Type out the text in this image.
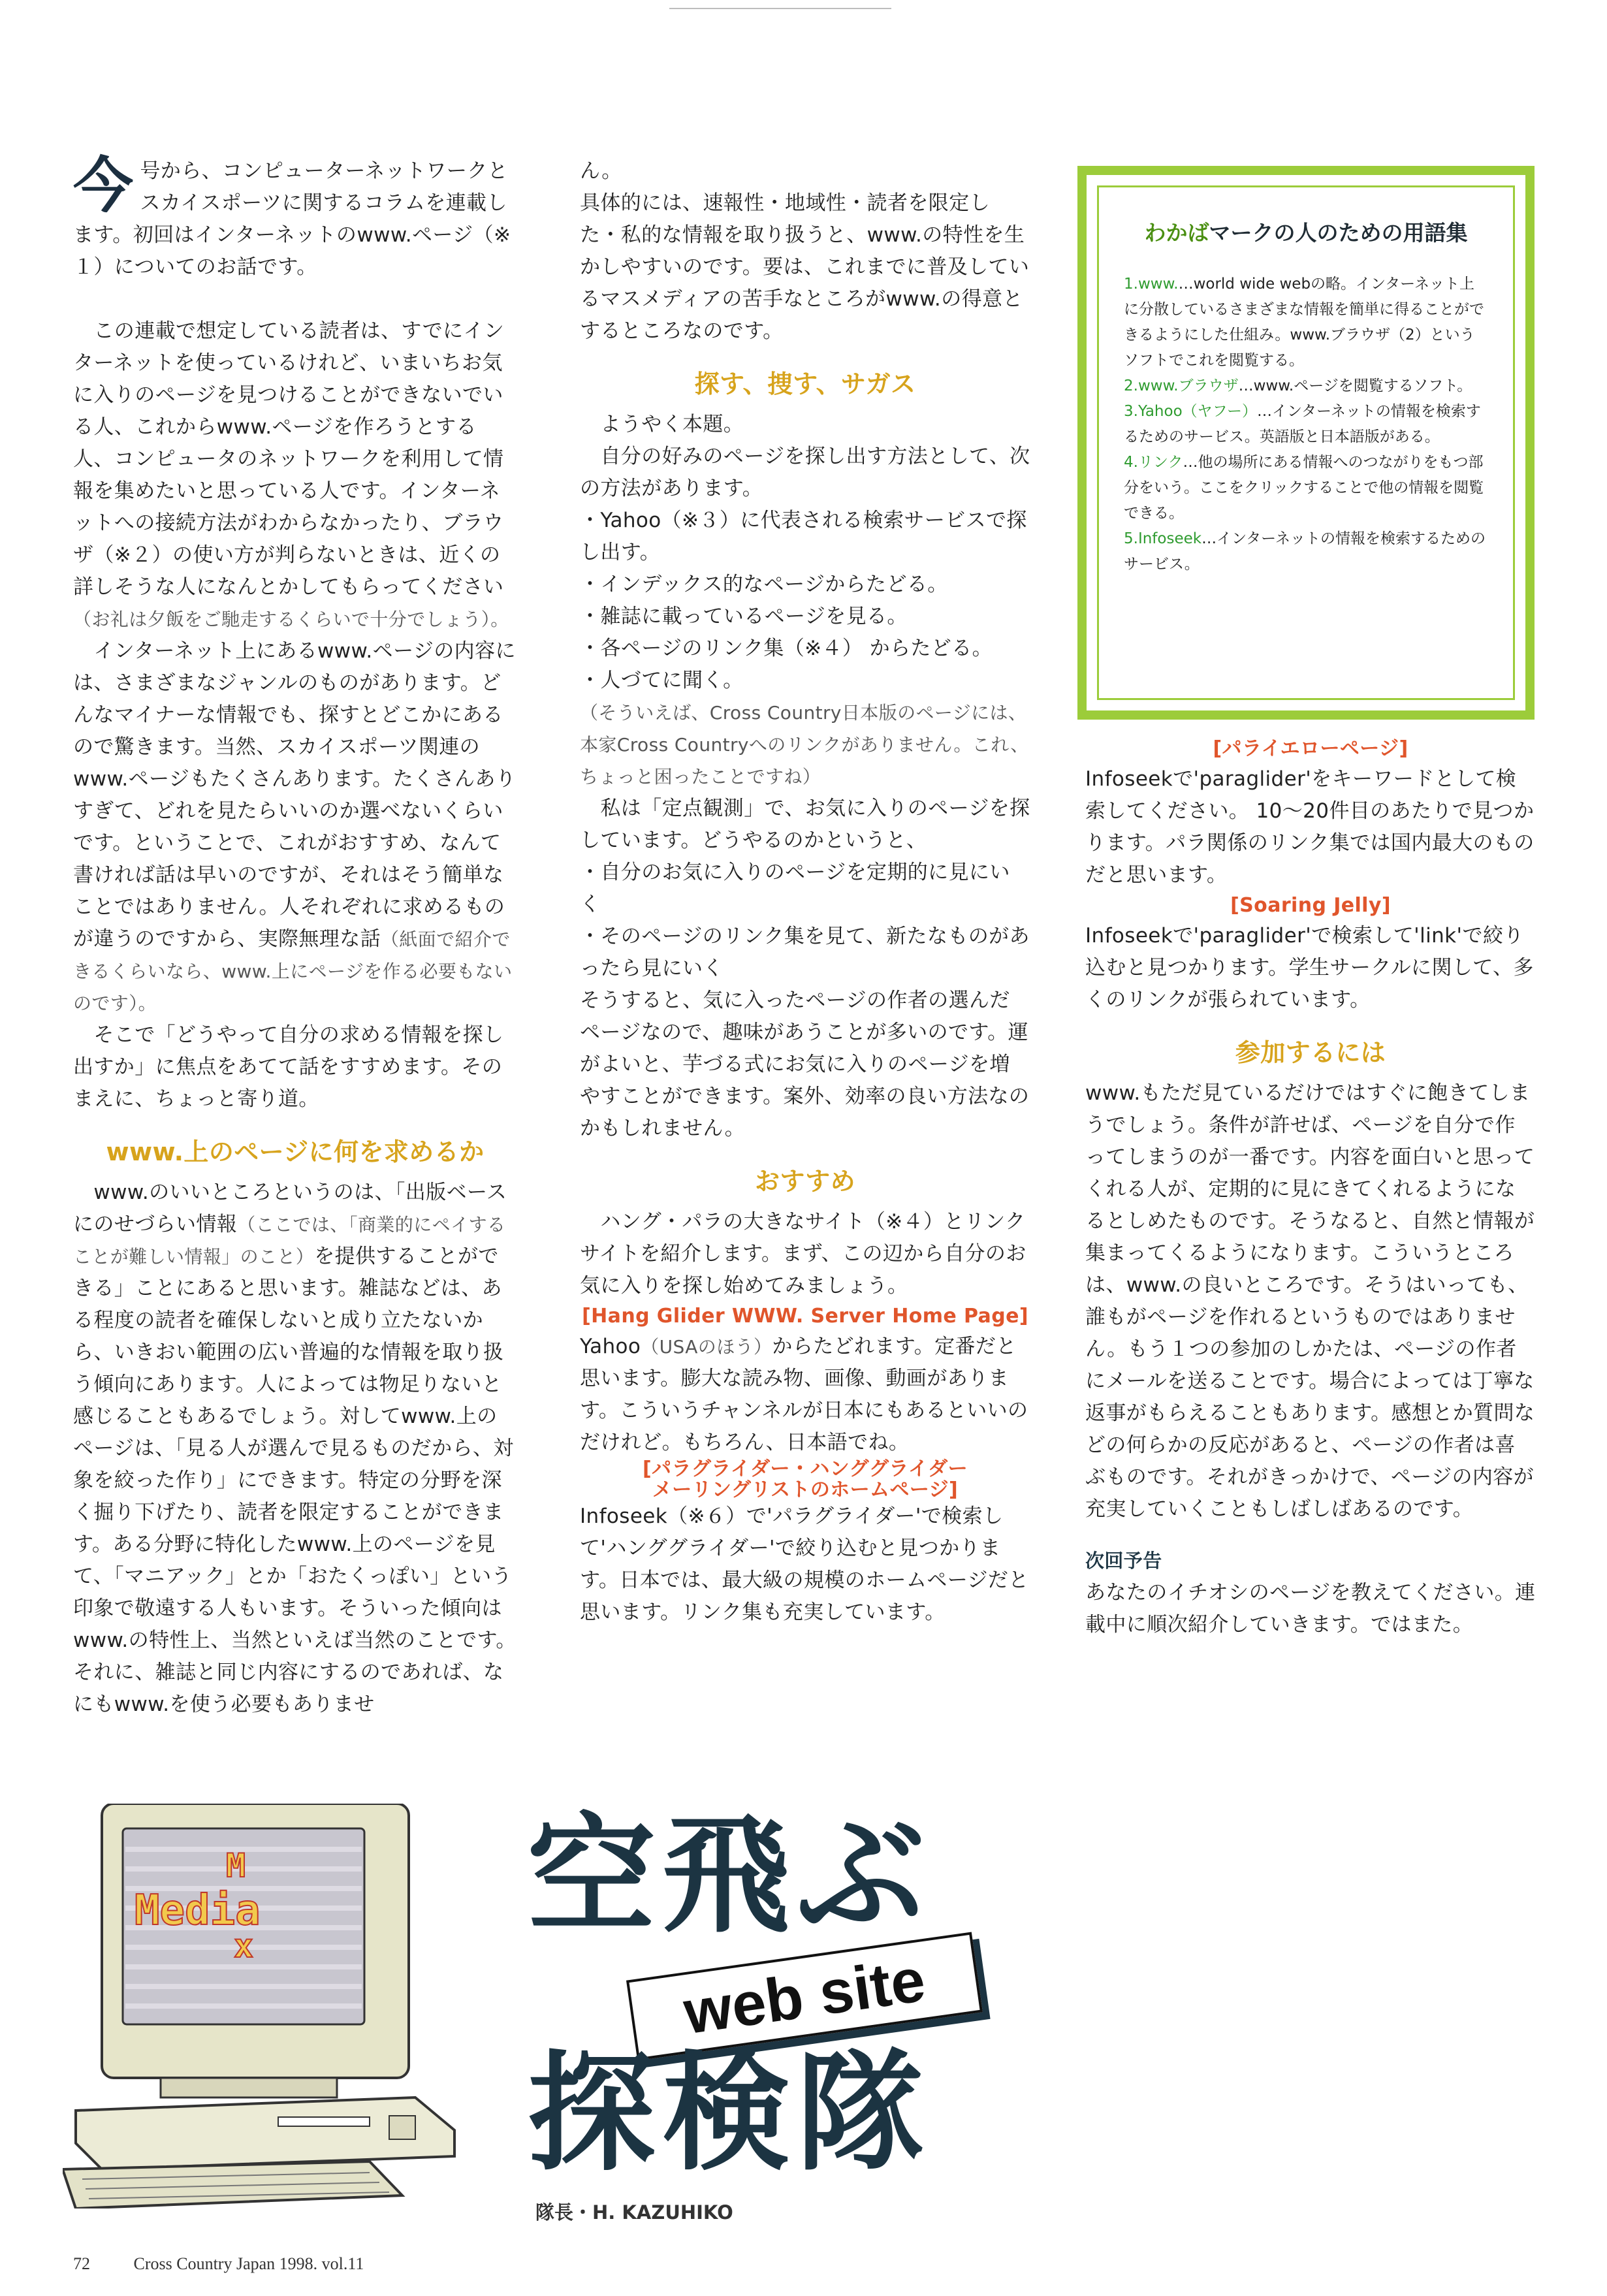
今号から、コンピューターネットワークとスカイスポーツに関するコラムを連載します。初回はインターネットのwww.ページ（※１）についてのお話です。

 この連載で想定している読者は、すでにインターネットを使っているけれど、いまいちお気に入りのページを見つけることができないでいる人、これからwww.ページを作ろうとする人、コンピュータのネットワークを利用して情報を集めたいと思っている人です。インターネットへの接続方法がわからなかったり、ブラウザ（※２）の使い方が判らないときは、近くの詳しそうな人になんとかしてもらってください（お礼は夕飯をご馳走するくらいで十分でしょう）。

 インターネット上にあるwww.ページの内容には、さまざまなジャンルのものがあります。どんなマイナーな情報でも、探すとどこかにあるので驚きます。当然、スカイスポーツ関連のwww.ページもたくさんあります。たくさんありすぎて、どれを見たらいいのか選べないくらいです。ということで、これがおすすめ、なんて書ければ話は早いのですが、それはそう簡単なことではありません。人それぞれに求めるものが違うのですから、実際無理な話（紙面で紹介できるくらいなら、www.上にページを作る必要もないのです）。

 そこで「どうやって自分の求める情報を探し出すか」に焦点をあてて話をすすめます。そのまえに、ちょっと寄り道。

www.上のページに何を求めるか

 www.のいいところというのは、「出版ベースにのせづらい情報（ここでは、「商業的にペイすることが難しい情報」のこと）を提供することができる」ことにあると思います。雑誌などは、ある程度の読者を確保しないと成り立たないから、いきおい範囲の広い普遍的な情報を取り扱う傾向にあります。人によっては物足りないと感じることもあるでしょう。対してwww.上のページは、「見る人が選んで見るものだから、対象を絞った作り」にできます。特定の分野を深く掘り下げたり、読者を限定することができます。ある分野に特化したwww.上のページを見て、「マニアック」とか「おたくっぽい」という印象で敬遠する人もいます。そういった傾向はwww.の特性上、当然といえば当然のことです。それに、雑誌と同じ内容にするのであれば、なにもwww.を使う必要もありませ

ん。

具体的には、速報性・地域性・読者を限定した・私的な情報を取り扱うと、www.の特性を生かしやすいのです。要は、これまでに普及しているマスメディアの苦手なところがwww.の得意とするところなのです。

探す、捜す、サガス

 ようやく本題。

 自分の好みのページを探し出す方法として、次の方法があります。

・Yahoo（※３）に代表される検索サービスで探し出す。

・インデックス的なページからたどる。

・雑誌に載っているページを見る。

・各ページのリンク集（※４） からたどる。

・人づてに聞く。

（そういえば、Cross Country日本版のページには、本家Cross Countryへのリンクがありません。これ、ちょっと困ったことですね）

 私は「定点観測」で、お気に入りのページを探しています。どうやるのかというと、

・自分のお気に入りのページを定期的に見にいく

・そのページのリンク集を見て、新たなものがあったら見にいく

そうすると、気に入ったページの作者の選んだページなので、趣味があうことが多いのです。運がよいと、芋づる式にお気に入りのページを増やすことができます。案外、効率の良い方法なのかもしれません。

おすすめ

 ハング・パラの大きなサイト（※４）とリンクサイトを紹介します。まず、この辺から自分のお気に入りを探し始めてみましょう。

[Hang Glider WWW. Server Home Page]

Yahoo（USAのほう）からたどれます。定番だと思います。膨大な読み物、画像、動画があります。こういうチャンネルが日本にもあるといいのだけれど。もちろん、日本語でね。

[パラグライダー・ハンググライダー
メーリングリストのホームページ]

Infoseek（※６）で'パラグライダー'で検索して'ハンググライダー'で絞り込むと見つかります。日本では、最大級の規模のホームページだと思います。リンク集も充実しています。

わかばマークの人のための用語集

1.www.…world wide webの略。インターネット上に分散しているさまざまな情報を簡単に得ることができるようにした仕組み。www.ブラウザ（2）というソフトでこれを閲覧する。

2.www.ブラウザ…www.ページを閲覧するソフト。

3.Yahoo（ヤフー）…インターネットの情報を検索するためのサービス。英語版と日本語版がある。

4.リンク…他の場所にある情報へのつながりをもつ部分をいう。ここをクリックすることで他の情報を閲覧できる。

5.Infoseek…インターネットの情報を検索するためのサービス。

[パライエローページ]

Infoseekで'paraglider'をキーワードとして検索してください。 10〜20件目のあたりで見つかります。パラ関係のリンク集では国内最大のものだと思います。

[Soaring Jelly]

Infoseekで'paraglider'で検索して'link'で絞り込むと見つかります。学生サークルに関して、多くのリンクが張られています。

参加するには

www.もただ見ているだけではすぐに飽きてしまうでしょう。条件が許せば、ページを自分で作ってしまうのが一番です。内容を面白いと思ってくれる人が、定期的に見にきてくれるようになるとしめたものです。そうなると、自然と情報が集まってくるようになります。こういうところは、www.の良いところです。そうはいっても、誰もがページを作れるというものではありません。もう１つの参加のしかたは、ページの作者にメールを送ることです。場合によっては丁寧な返事がもらえることもあります。感想とか質問などの何らかの反応があると、ページの作者は喜ぶものです。それがきっかけで、ページの内容が充実していくこともしばしばあるのです。

次回予告

あなたのイチオシのページを教えてください。連載中に順次紹介していきます。ではまた。

M
Media
x 空飛ぶ
web site
探検隊
隊長・H. KAZUHIKO
72	Cross Country Japan 1998. vol.11
